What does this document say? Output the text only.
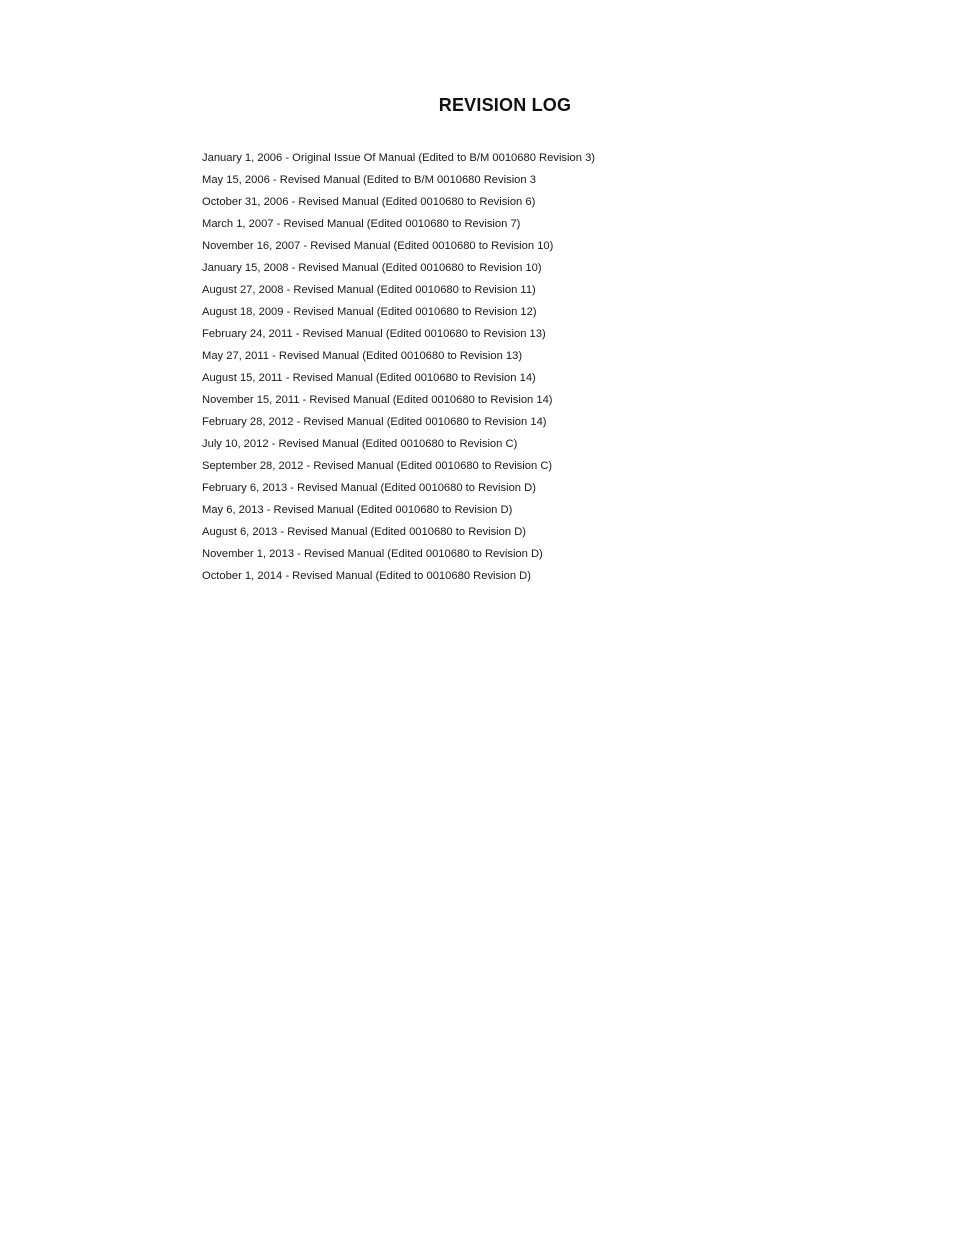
REVISION LOG
January 1, 2006 - Original Issue Of Manual (Edited to B/M 0010680 Revision 3)
May 15, 2006 - Revised Manual (Edited to B/M 0010680 Revision 3
October 31, 2006 - Revised Manual (Edited 0010680 to Revision 6)
March 1, 2007 - Revised Manual (Edited 0010680 to Revision 7)
November 16, 2007 - Revised Manual (Edited 0010680 to Revision 10)
January 15, 2008 - Revised Manual (Edited 0010680 to Revision 10)
August 27, 2008 - Revised Manual (Edited 0010680 to Revision 11)
August 18, 2009 - Revised Manual (Edited 0010680 to Revision 12)
February 24, 2011 - Revised Manual (Edited 0010680 to Revision 13)
May 27, 2011 - Revised Manual (Edited 0010680 to Revision 13)
August 15, 2011 - Revised Manual (Edited 0010680 to Revision 14)
November 15, 2011 - Revised Manual (Edited 0010680 to Revision 14)
February 28, 2012 - Revised Manual (Edited 0010680 to Revision 14)
July 10, 2012 - Revised Manual (Edited 0010680 to Revision C)
September 28, 2012 - Revised Manual (Edited 0010680 to Revision C)
February 6, 2013 - Revised Manual (Edited 0010680 to Revision D)
May 6, 2013 - Revised Manual (Edited 0010680 to Revision D)
August 6, 2013 - Revised Manual (Edited 0010680 to Revision D)
November 1, 2013 - Revised Manual (Edited 0010680 to Revision D)
October 1, 2014 - Revised Manual (Edited to 0010680 Revision D)
